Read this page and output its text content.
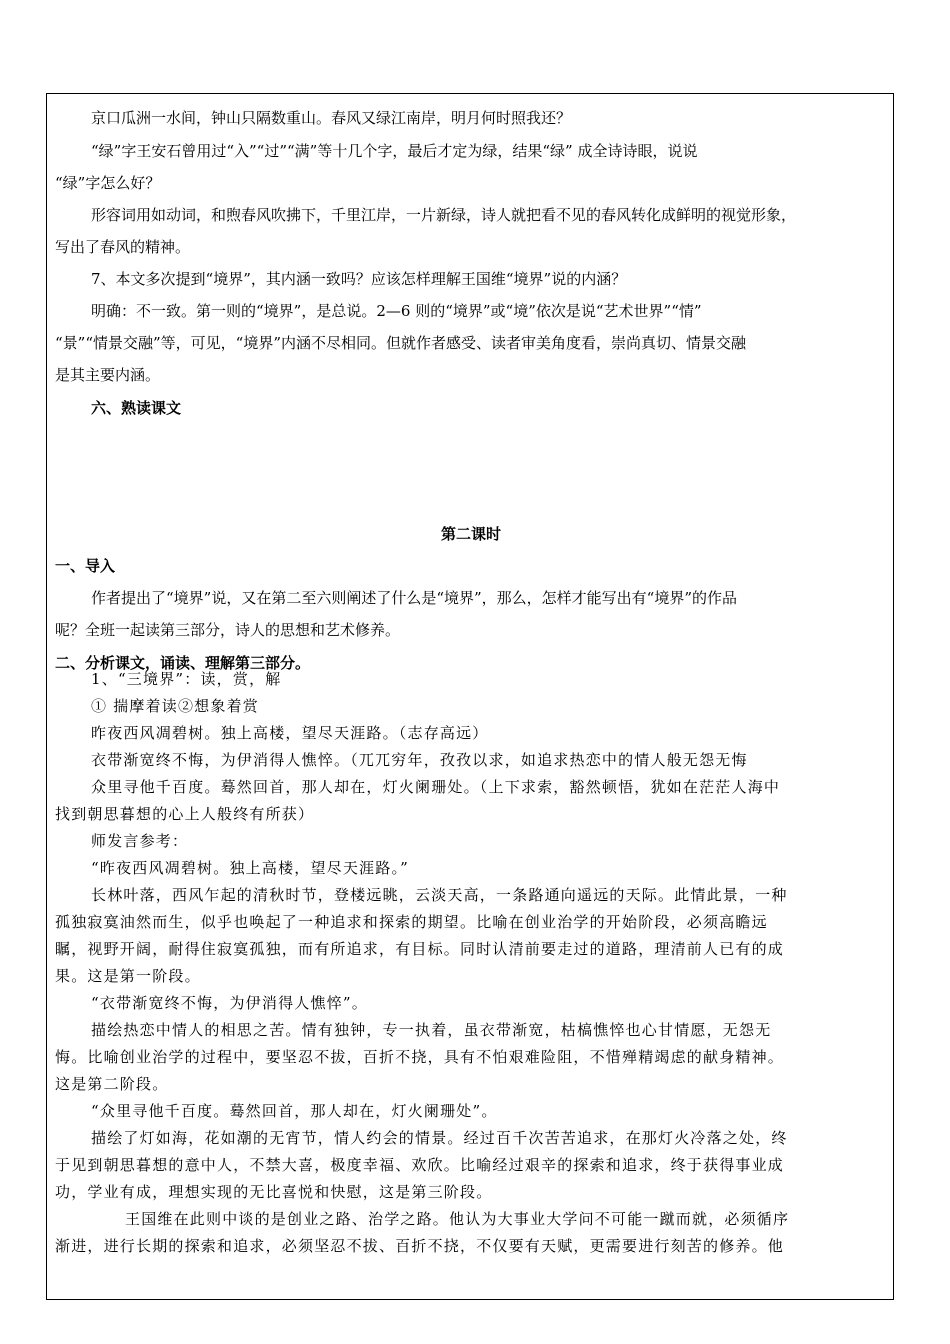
京口瓜洲一水间，钟山只隔数重山。春风又绿江南岸，明月何时照我还？
“绿”字王安石曾用过“入”“过”“满”等十几个字，最后才定为绿，结果“绿” 成全诗诗眼，说说
“绿”字怎么好？
形容词用如动词，和煦春风吹拂下，千里江岸，一片新绿，诗人就把看不见的春风转化成鲜明的视觉形象，
写出了春风的精神。
7、本文多次提到“境界”，其内涵一致吗？应该怎样理解王国维“境界”说的内涵？
明确：不一致。第一则的“境界”，是总说。2—6 则的“境界”或“境”依次是说“艺术世界”“情”
“景”“情景交融”等，可见，“境界”内涵不尽相同。但就作者感受、读者审美角度看，崇尚真切、情景交融
是其主要内涵。
六、熟读课文
第二课时
一、导入
作者提出了“境界”说，又在第二至六则阐述了什么是“境界”，那么，怎样才能写出有“境界”的作品
呢？全班一起读第三部分，诗人的思想和艺术修养。
二、分析课文，诵读、理解第三部分。
1、“三境界”：读，赏，解
① 揣摩着读②想象着赏
昨夜西风凋碧树。独上高楼，望尽天涯路。（志存高远）
衣带渐宽终不悔，为伊消得人憔悴。（兀兀穷年，孜孜以求，如追求热恋中的情人般无怨无悔
众里寻他千百度。蓦然回首，那人却在，灯火阑珊处。（上下求索，豁然顿悟，犹如在茫茫人海中
找到朝思暮想的心上人般终有所获）
师发言参考：
“昨夜西风凋碧树。独上高楼，望尽天涯路。”
长林叶落，西风乍起的清秋时节，登楼远眺，云淡天高，一条路通向遥远的天际。此情此景，一种
孤独寂寞油然而生，似乎也唤起了一种追求和探索的期望。比喻在创业治学的开始阶段，必须高瞻远
瞩，视野开阔，耐得住寂寞孤独，而有所追求，有目标。同时认清前要走过的道路，理清前人已有的成
果。这是第一阶段。
“衣带渐宽终不悔，为伊消得人憔悴”。
描绘热恋中情人的相思之苦。情有独钟，专一执着，虽衣带渐宽，枯槁憔悴也心甘情愿，无怨无
悔。比喻创业治学的过程中，要坚忍不拔，百折不挠，具有不怕艰难险阻，不惜殚精竭虑的献身精神。
这是第二阶段。
“众里寻他千百度。蓦然回首，那人却在，灯火阑珊处”。
描绘了灯如海，花如潮的无宵节，情人约会的情景。经过百千次苦苦追求，在那灯火冷落之处，终
于见到朝思暮想的意中人，不禁大喜，极度幸福、欢欣。比喻经过艰辛的探索和追求，终于获得事业成
功，学业有成，理想实现的无比喜悦和快慰，这是第三阶段。
王国维在此则中谈的是创业之路、治学之路。他认为大事业大学问不可能一蹴而就，必须循序
渐进，进行长期的探索和追求，必须坚忍不拔、百折不挠，不仅要有天赋，更需要进行刻苦的修养。他
